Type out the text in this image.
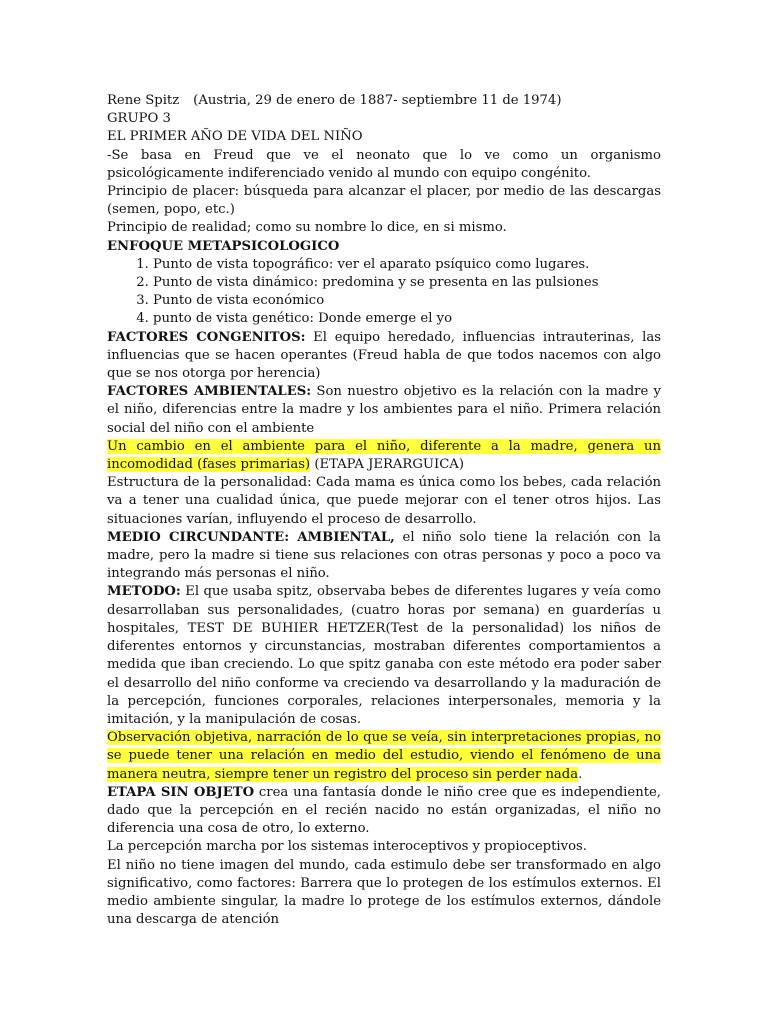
Rene Spitz (Austria, 29 de enero de 1887- septiembre 11 de 1974)

GRUPO 3

EL PRIMER AÑO DE VIDA DEL NIÑO

-Se basa en Freud que ve el neonato que lo ve como un organismo psicológicamente indiferenciado venido al mundo con equipo congénito.

Principio de placer: búsqueda para alcanzar el placer, por medio de las descargas (semen, popo, etc.)

Principio de realidad; como su nombre lo dice, en si mismo.

ENFOQUE METAPSICOLOGICO

1. Punto de vista topográfico: ver el aparato psíquico como lugares.
2. Punto de vista dinámico: predomina y se presenta en las pulsiones
3. Punto de vista económico
4. punto de vista genético: Donde emerge el yo

FACTORES CONGENITOS: El equipo heredado, influencias intrauterinas, las influencias que se hacen operantes (Freud habla de que todos nacemos con algo que se nos otorga por herencia)

FACTORES AMBIENTALES: Son nuestro objetivo es la relación con la madre y el niño, diferencias entre la madre y los ambientes para el niño. Primera relación social del niño con el ambiente

Un cambio en el ambiente para el niño, diferente a la madre, genera un incomodidad (fases primarias) (ETAPA JERARGUICA)

Estructura de la personalidad: Cada mama es única como los bebes, cada relación va a tener una cualidad única, que puede mejorar con el tener otros hijos. Las situaciones varían, influyendo el proceso de desarrollo.

MEDIO CIRCUNDANTE: AMBIENTAL, el niño solo tiene la relación con la madre, pero la madre si tiene sus relaciones con otras personas y poco a poco va integrando más personas el niño.

METODO: El que usaba spitz, observaba bebes de diferentes lugares y veía como desarrollaban sus personalidades, (cuatro horas por semana) en guarderías u hospitales, TEST DE BUHIER HETZER(Test de la personalidad) los niños de diferentes entornos y circunstancias, mostraban diferentes comportamientos a medida que iban creciendo. Lo que spitz ganaba con este método era poder saber el desarrollo del niño conforme va creciendo va desarrollando y la maduración de la percepción, funciones corporales, relaciones interpersonales, memoria y la imitación, y la manipulación de cosas.

Observación objetiva, narración de lo que se veía, sin interpretaciones propias, no se puede tener una relación en medio del estudio, viendo el fenómeno de una manera neutra, siempre tener un registro del proceso sin perder nada.

ETAPA SIN OBJETO crea una fantasía donde le niño cree que es independiente, dado que la percepción en el recién nacido no están organizadas, el niño no diferencia una cosa de otro, lo externo.

La percepción marcha por los sistemas interoceptivos y propioceptivos.

El niño no tiene imagen del mundo, cada estimulo debe ser transformado en algo significativo, como factores: Barrera que lo protegen de los estímulos externos. El medio ambiente singular, la madre lo protege de los estímulos externos, dándole una descarga de atención
